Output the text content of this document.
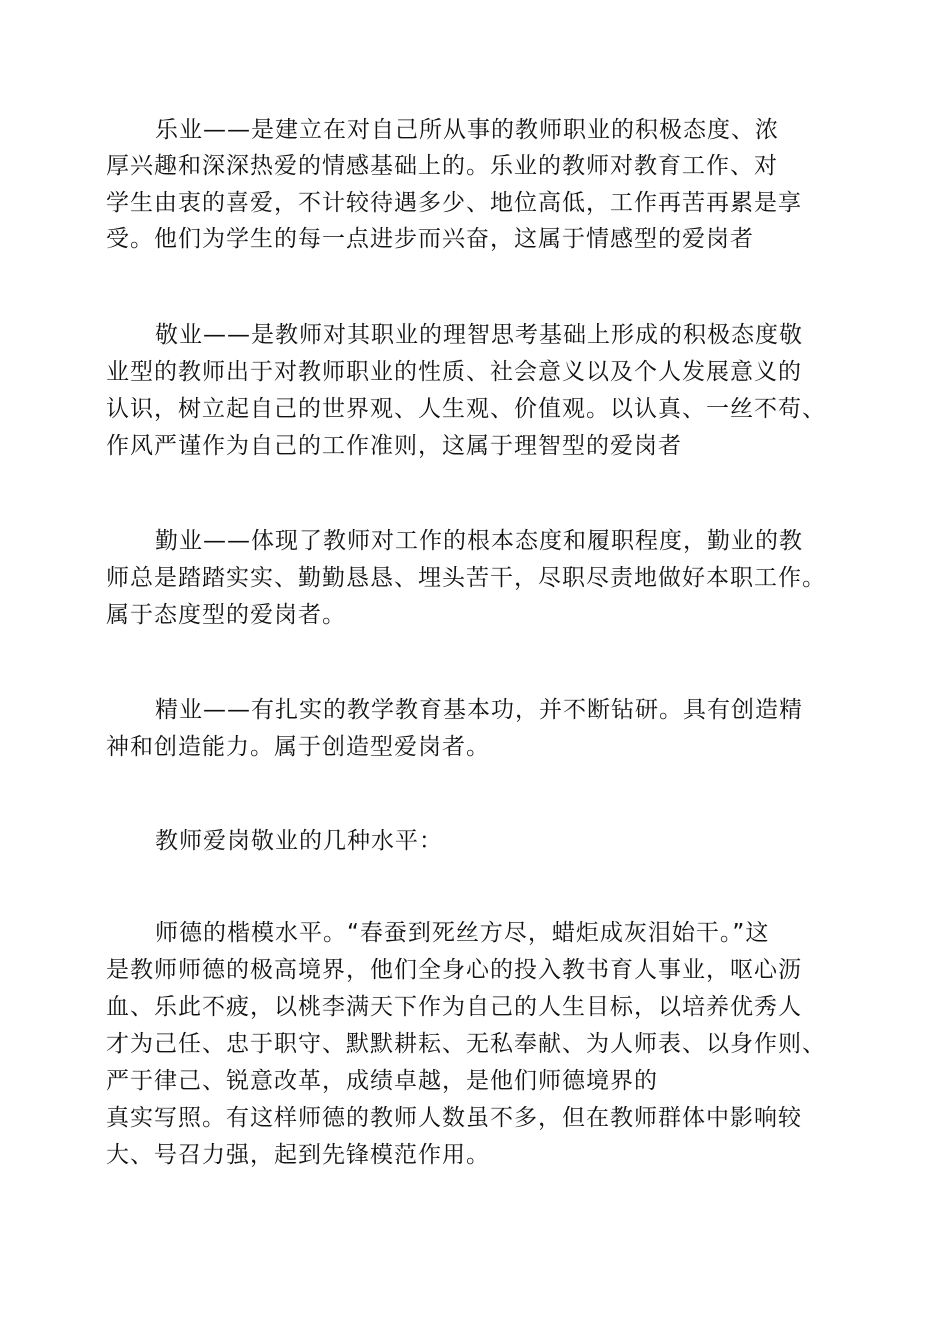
乐业——是建立在对自己所从事的教师职业的积极态度、浓
厚兴趣和深深热爱的情感基础上的。乐业的教师对教育工作、对
学生由衷的喜爱，不计较待遇多少、地位高低，工作再苦再累是享
受。他们为学生的每一点进步而兴奋，这属于情感型的爱岗者
敬业——是教师对其职业的理智思考基础上形成的积极态度敬
业型的教师出于对教师职业的性质、社会意义以及个人发展意义的
认识，树立起自己的世界观、人生观、价值观。以认真、一丝不苟、
作风严谨作为自己的工作准则，这属于理智型的爱岗者
勤业——体现了教师对工作的根本态度和履职程度，勤业的教
师总是踏踏实实、勤勤恳恳、埋头苦干，尽职尽责地做好本职工作。
属于态度型的爱岗者。
精业——有扎实的教学教育基本功，并不断钻研。具有创造精
神和创造能力。属于创造型爱岗者。
教师爱岗敬业的几种水平：
师德的楷模水平。“春蚕到死丝方尽，蜡炬成灰泪始干。”这
是教师师德的极高境界，他们全身心的投入教书育人事业，呕心沥
血、乐此不疲，以桃李满天下作为自己的人生目标，以培养优秀人
才为己任、忠于职守、默默耕耘、无私奉献、为人师表、以身作则、
严于律己、锐意改革，成绩卓越，是他们师德境界的
真实写照。有这样师德的教师人数虽不多，但在教师群体中影响较
大、号召力强，起到先锋模范作用。
